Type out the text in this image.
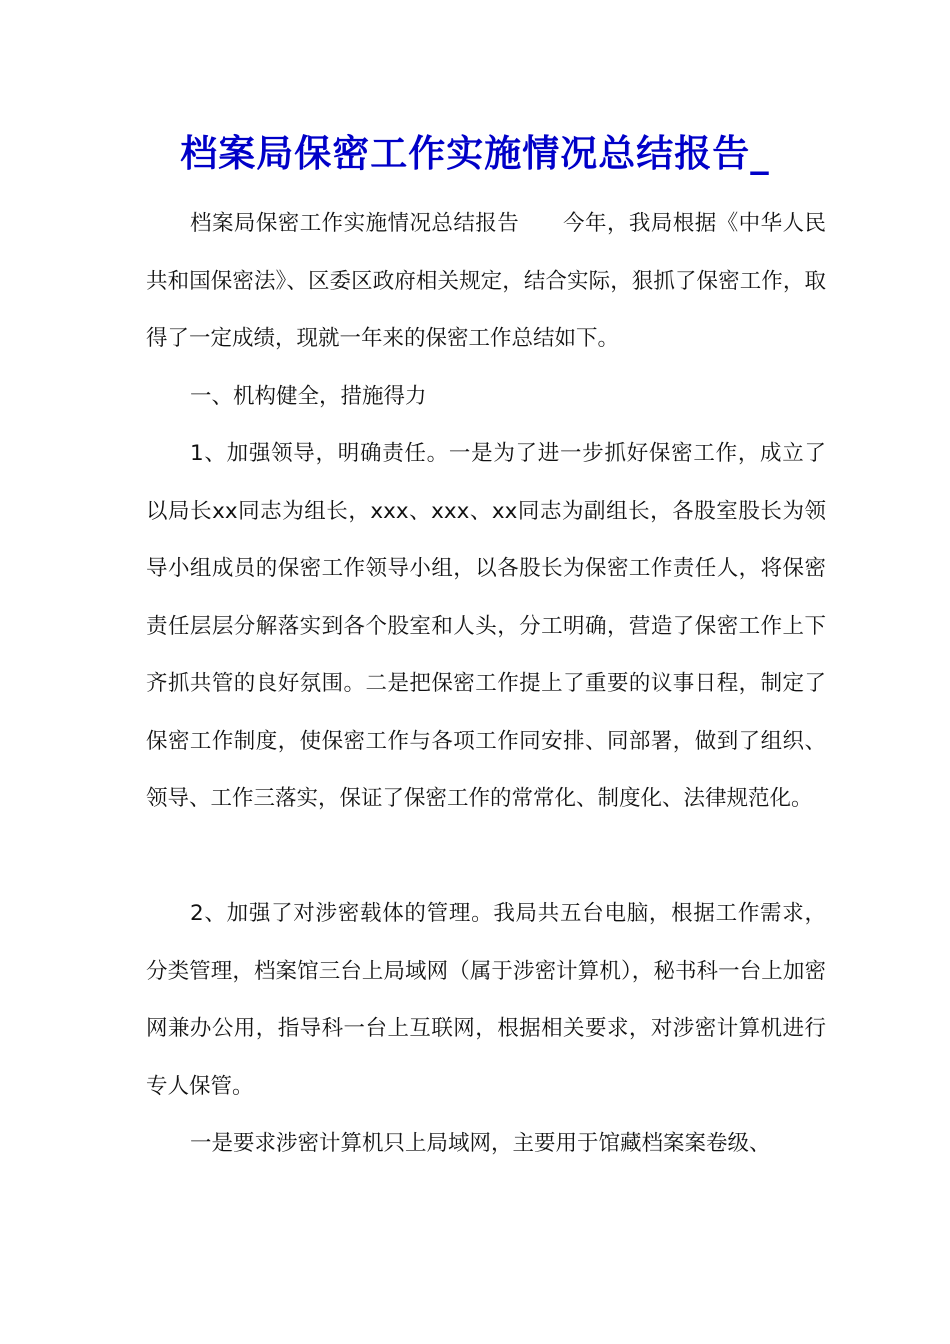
档案局保密工作实施情况总结报告_

档案局保密工作实施情况总结报告　　今年，我局根据《中华人民共和国保密法》、区委区政府相关规定，结合实际，狠抓了保密工作，取得了一定成绩，现就一年来的保密工作总结如下。

一、机构健全，措施得力

1、加强领导，明确责任。一是为了进一步抓好保密工作，成立了以局长xx同志为组长，xxx、xxx、xx同志为副组长，各股室股长为领导小组成员的保密工作领导小组，以各股长为保密工作责任人，将保密责任层层分解落实到各个股室和人头，分工明确，营造了保密工作上下齐抓共管的良好氛围。二是把保密工作提上了重要的议事日程，制定了保密工作制度，使保密工作与各项工作同安排、同部署，做到了组织、领导、工作三落实，保证了保密工作的常常化、制度化、法律规范化。

2、加强了对涉密载体的管理。我局共五台电脑，根据工作需求，分类管理，档案馆三台上局域网（属于涉密计算机），秘书科一台上加密网兼办公用，指导科一台上互联网，根据相关要求，对涉密计算机进行专人保管。

一是要求涉密计算机只上局域网，主要用于馆藏档案案卷级、
